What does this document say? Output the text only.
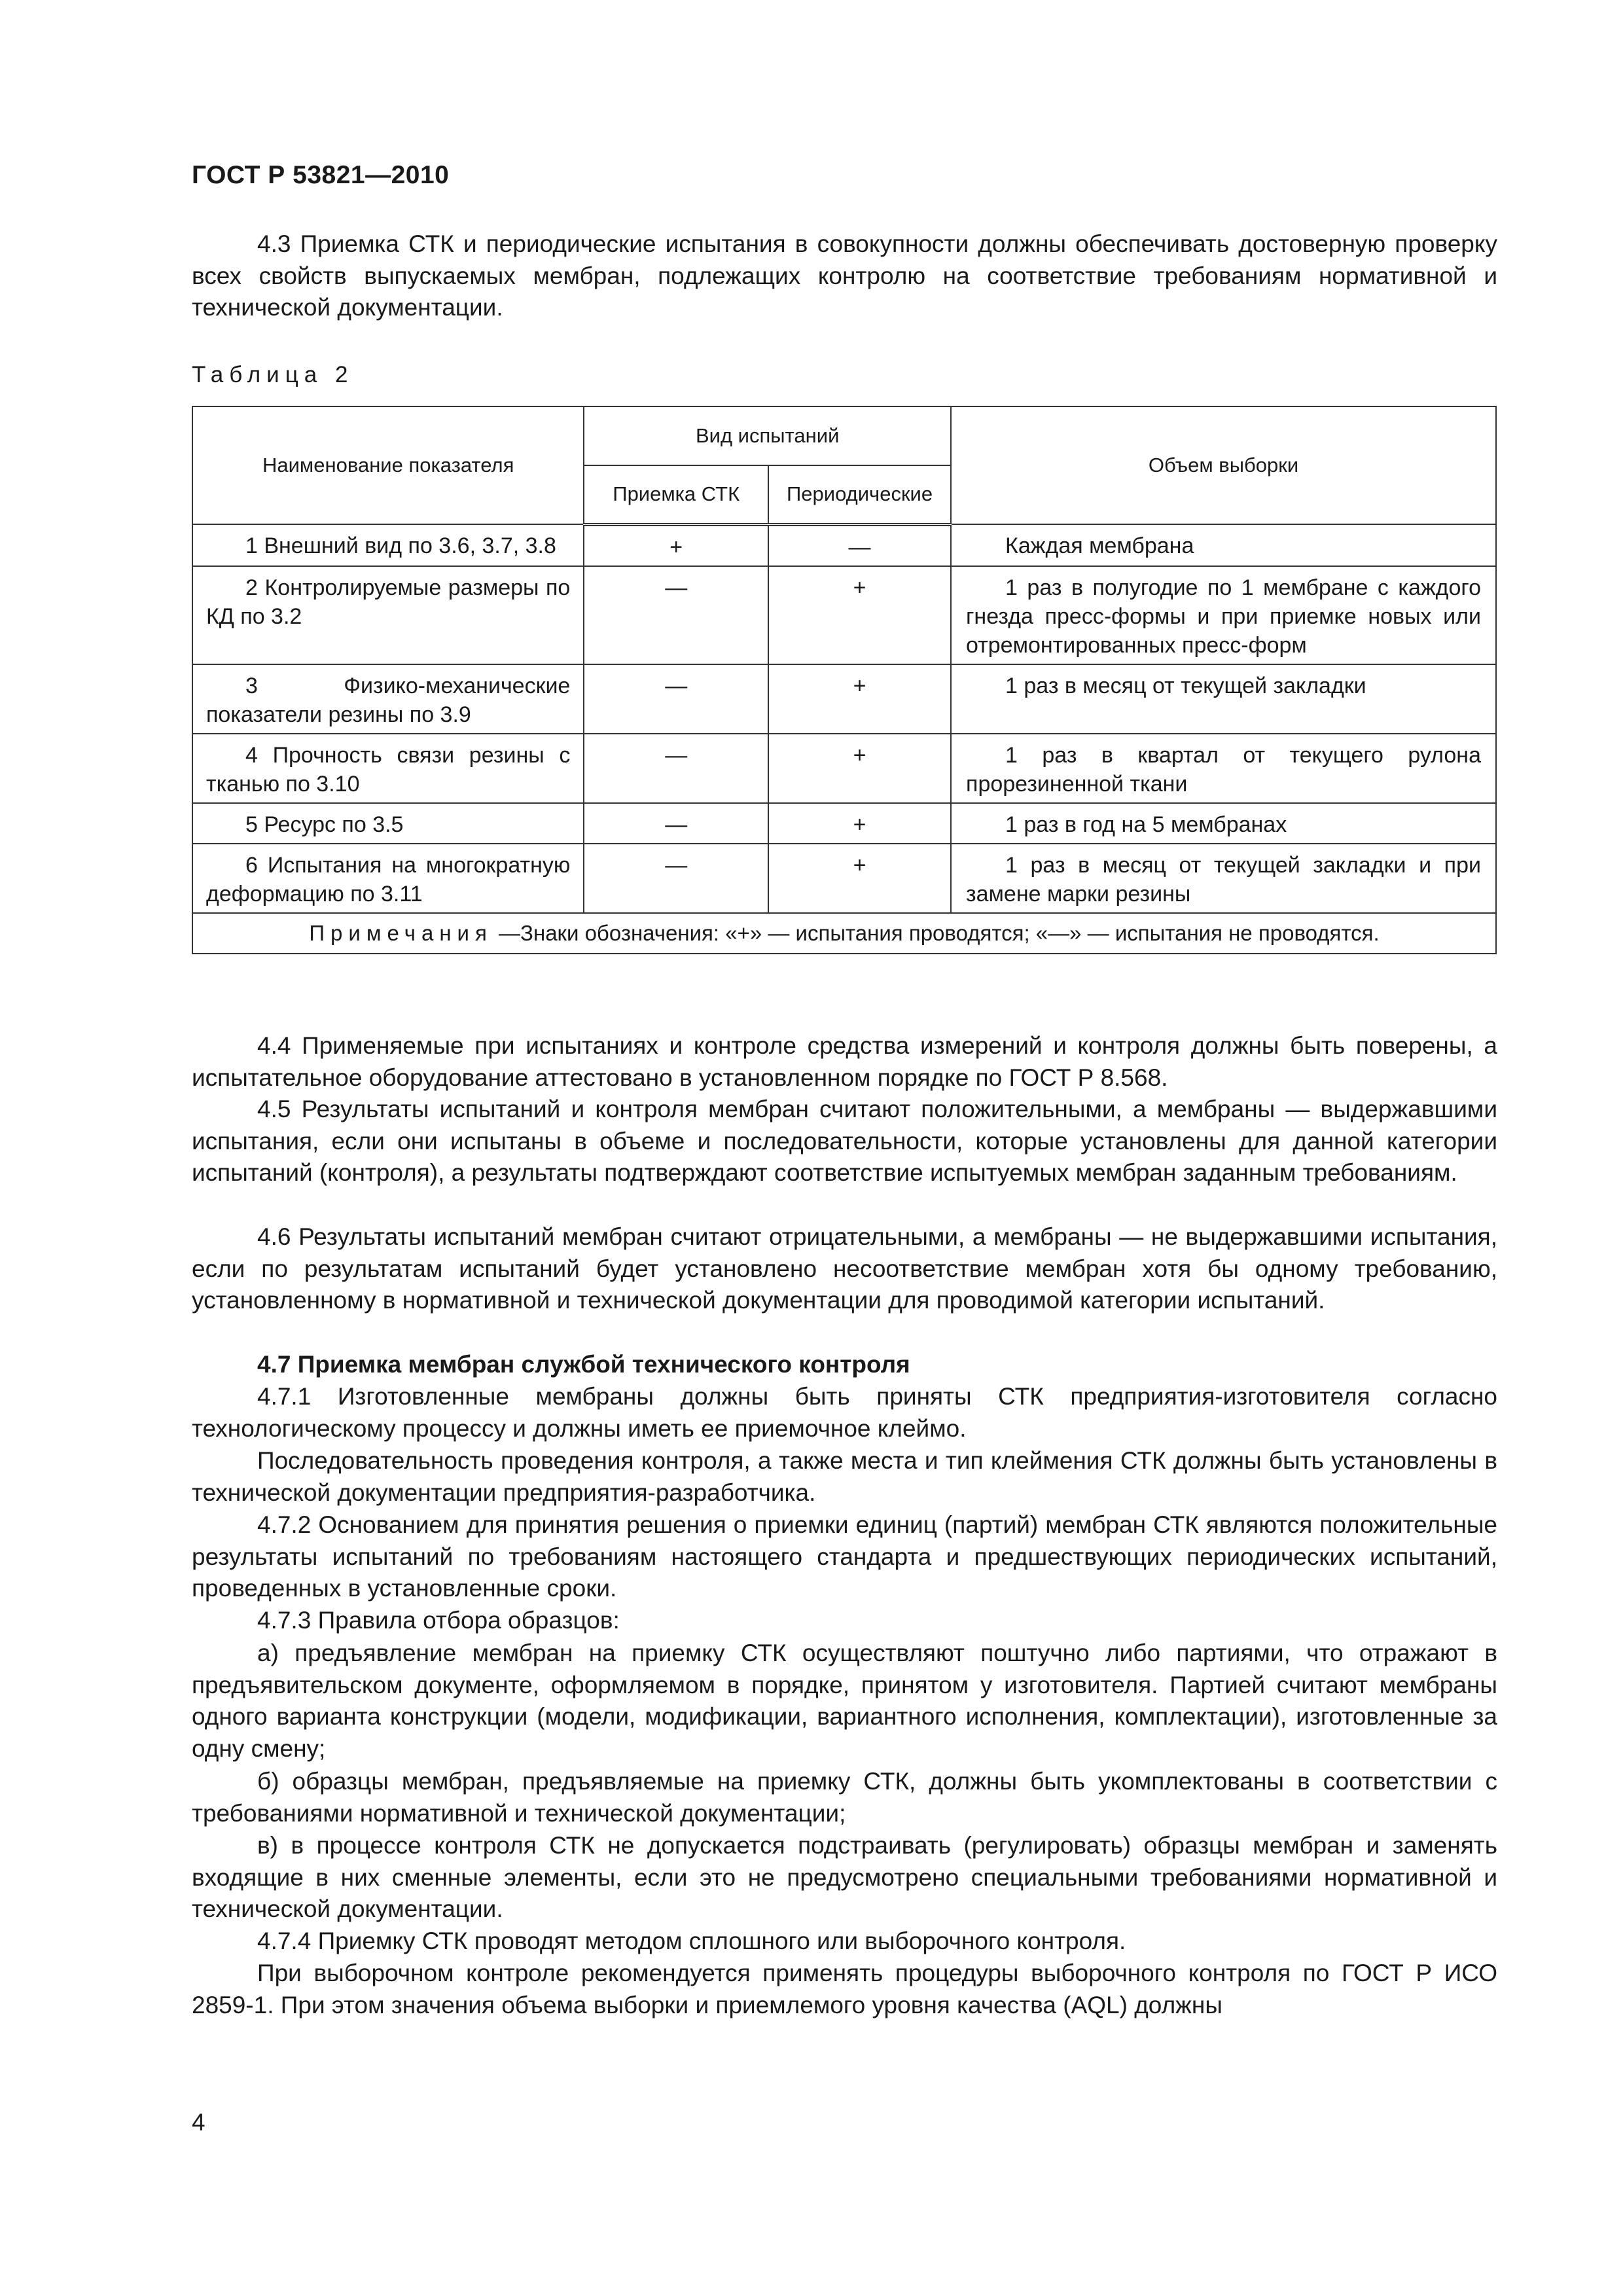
ГОСТ Р 53821—2010
4.3 Приемка СТК и периодические испытания в совокупности должны обеспечивать достоверную проверку всех свойств выпускаемых мембран, подлежащих контролю на соответствие требованиям нормативной и технической документации.
Таблица 2
Наименование показателя	Вид испытаний		Объем выборки
	Приемка СТК	Периодические	
1 Внешний вид по 3.6, 3.7, 3.8	+	—	Каждая мембрана
2 Контролируемые размеры по КД по 3.2	—	+	1 раз в полугодие по 1 мембране с каждого гнезда пресс-формы и при приемке новых или отремонтированных пресс-форм
3 Физико-механические показатели резины по 3.9	—	+	1 раз в месяц от текущей закладки
4 Прочность связи резины с тканью по 3.10	—	+	1 раз в квартал от текущего рулона прорезиненной ткани
5 Ресурс по 3.5	—	+	1 раз в год на 5 мембранах
6 Испытания на многократную деформацию по 3.11	—	+	1 раз в месяц от текущей закладки и при замене марки резины
Примечания —Знаки обозначения: «+» — испытания проводятся; «—» — испытания не проводятся.			
4.4 Применяемые при испытаниях и контроле средства измерений и контроля должны быть поверены, а испытательное оборудование аттестовано в установленном порядке по ГОСТ Р 8.568.
4.5 Результаты испытаний и контроля мембран считают положительными, а мембраны — выдержавшими испытания, если они испытаны в объеме и последовательности, которые установлены для данной категории испытаний (контроля), а результаты подтверждают соответствие испытуемых мембран заданным требованиям.
4.6 Результаты испытаний мембран считают отрицательными, а мембраны — не выдержавшими испытания, если по результатам испытаний будет установлено несоответствие мембран хотя бы одному требованию, установленному в нормативной и технической документации для проводимой категории испытаний.
4.7 Приемка мембран службой технического контроля
4.7.1 Изготовленные мембраны должны быть приняты СТК предприятия-изготовителя согласно технологическому процессу и должны иметь ее приемочное клеймо.
Последовательность проведения контроля, а также места и тип клеймения СТК должны быть установлены в технической документации предприятия-разработчика.
4.7.2 Основанием для принятия решения о приемки единиц (партий) мембран СТК являются положительные результаты испытаний по требованиям настоящего стандарта и предшествующих периодических испытаний, проведенных в установленные сроки.
4.7.3 Правила отбора образцов:
а) предъявление мембран на приемку СТК осуществляют поштучно либо партиями, что отражают в предъявительском документе, оформляемом в порядке, принятом у изготовителя. Партией считают мембраны одного варианта конструкции (модели, модификации, вариантного исполнения, комплектации), изготовленные за одну смену;
б) образцы мембран, предъявляемые на приемку СТК, должны быть укомплектованы в соответствии с требованиями нормативной и технической документации;
в) в процессе контроля СТК не допускается подстраивать (регулировать) образцы мембран и заменять входящие в них сменные элементы, если это не предусмотрено специальными требованиями нормативной и технической документации.
4.7.4 Приемку СТК проводят методом сплошного или выборочного контроля.
При выборочном контроле рекомендуется применять процедуры выборочного контроля по ГОСТ Р ИСО 2859-1. При этом значения объема выборки и приемлемого уровня качества (AQL) должны
4
